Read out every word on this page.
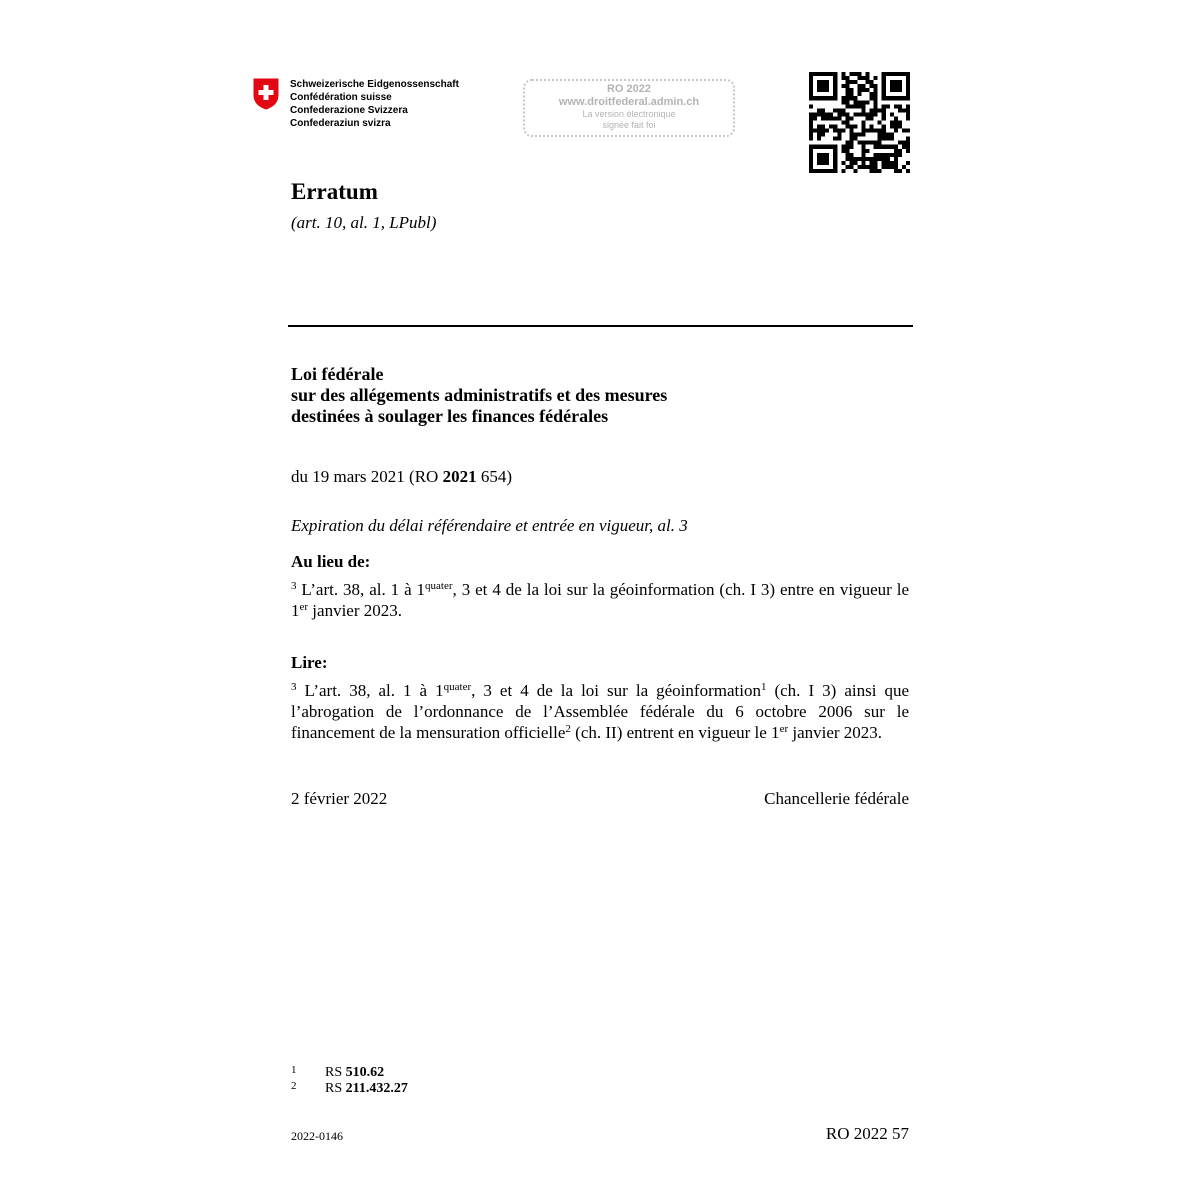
Schweizerische Eidgenossenschaft
Confédération suisse
Confederazione Svizzera
Confederaziun svizra
RO 2022
www.droitfederal.admin.ch
La version électronique
signée fait foi
Erratum
(art. 10, al. 1, LPubl)
Loi fédérale
sur des allégements administratifs et des mesures
destinées à soulager les finances fédérales
du 19 mars 2021 (RO 2021 654)
Expiration du délai référendaire et entrée en vigueur, al. 3
Au lieu de:
$^3$ L’art. 38, al. 1 à $1^{quater}$, 3 et 4 de la loi sur la géoinformation (ch. I 3) entre en vigueur le 1er janvier 2023.
Lire:
$^3$ L’art. 38, al. 1 à $1^{quater}$, 3 et 4 de la loi sur la géoinformation$^1$ (ch. I 3) ainsi que l’abrogation de l’ordonnance de l’Assemblée fédérale du 6 octobre 2006 sur le financement de la mensuration officielle$^2$ (ch. II) entrent en vigueur le 1er janvier 2023.
2 février 2022	Chancellerie fédérale
1 RS 510.62
2 RS 211.432.27
2022-0146	RO 2022 57
